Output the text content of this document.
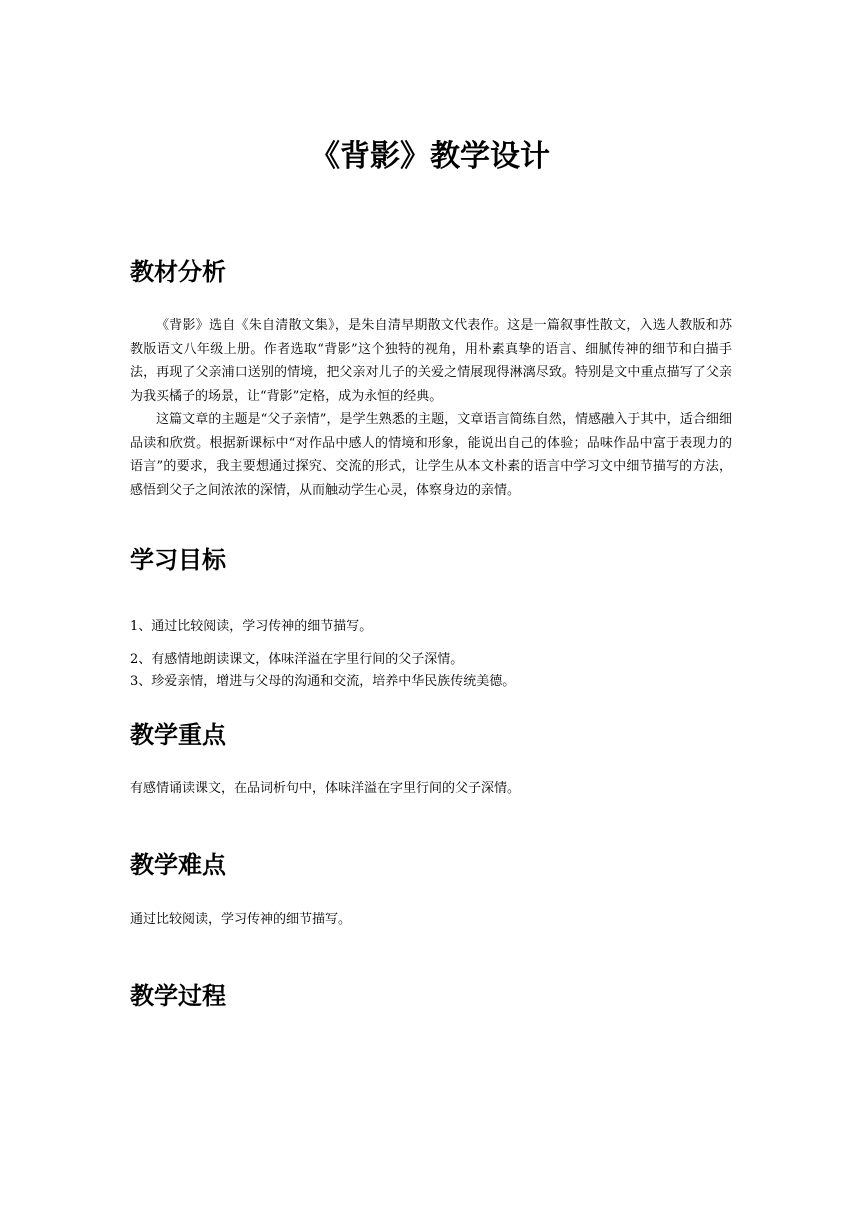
《背影》教学设计
教材分析

《背影》选自《朱自清散文集》，是朱自清早期散文代表作。这是一篇叙事性散文，入选人教版和苏教版语文八年级上册。作者选取“背影”这个独特的视角，用朴素真挚的语言、细腻传神的细节和白描手法，再现了父亲浦口送别的情境，把父亲对儿子的关爱之情展现得淋漓尽致。特别是文中重点描写了父亲为我买橘子的场景，让“背影”定格，成为永恒的经典。

这篇文章的主题是“父子亲情”，是学生熟悉的主题，文章语言简练自然，情感融入于其中，适合细细品读和欣赏。根据新课标中“对作品中感人的情境和形象，能说出自己的体验；品味作品中富于表现力的语言”的要求，我主要想通过探究、交流的形式，让学生从本文朴素的语言中学习文中细节描写的方法，感悟到父子之间浓浓的深情，从而触动学生心灵，体察身边的亲情。

学习目标

1、通过比较阅读，学习传神的细节描写。

2、有感情地朗读课文，体味洋溢在字里行间的父子深情。

3、珍爱亲情，增进与父母的沟通和交流，培养中华民族传统美德。

教学重点

有感情诵读课文，在品词析句中，体味洋溢在字里行间的父子深情。

教学难点

通过比较阅读，学习传神的细节描写。

教学过程
